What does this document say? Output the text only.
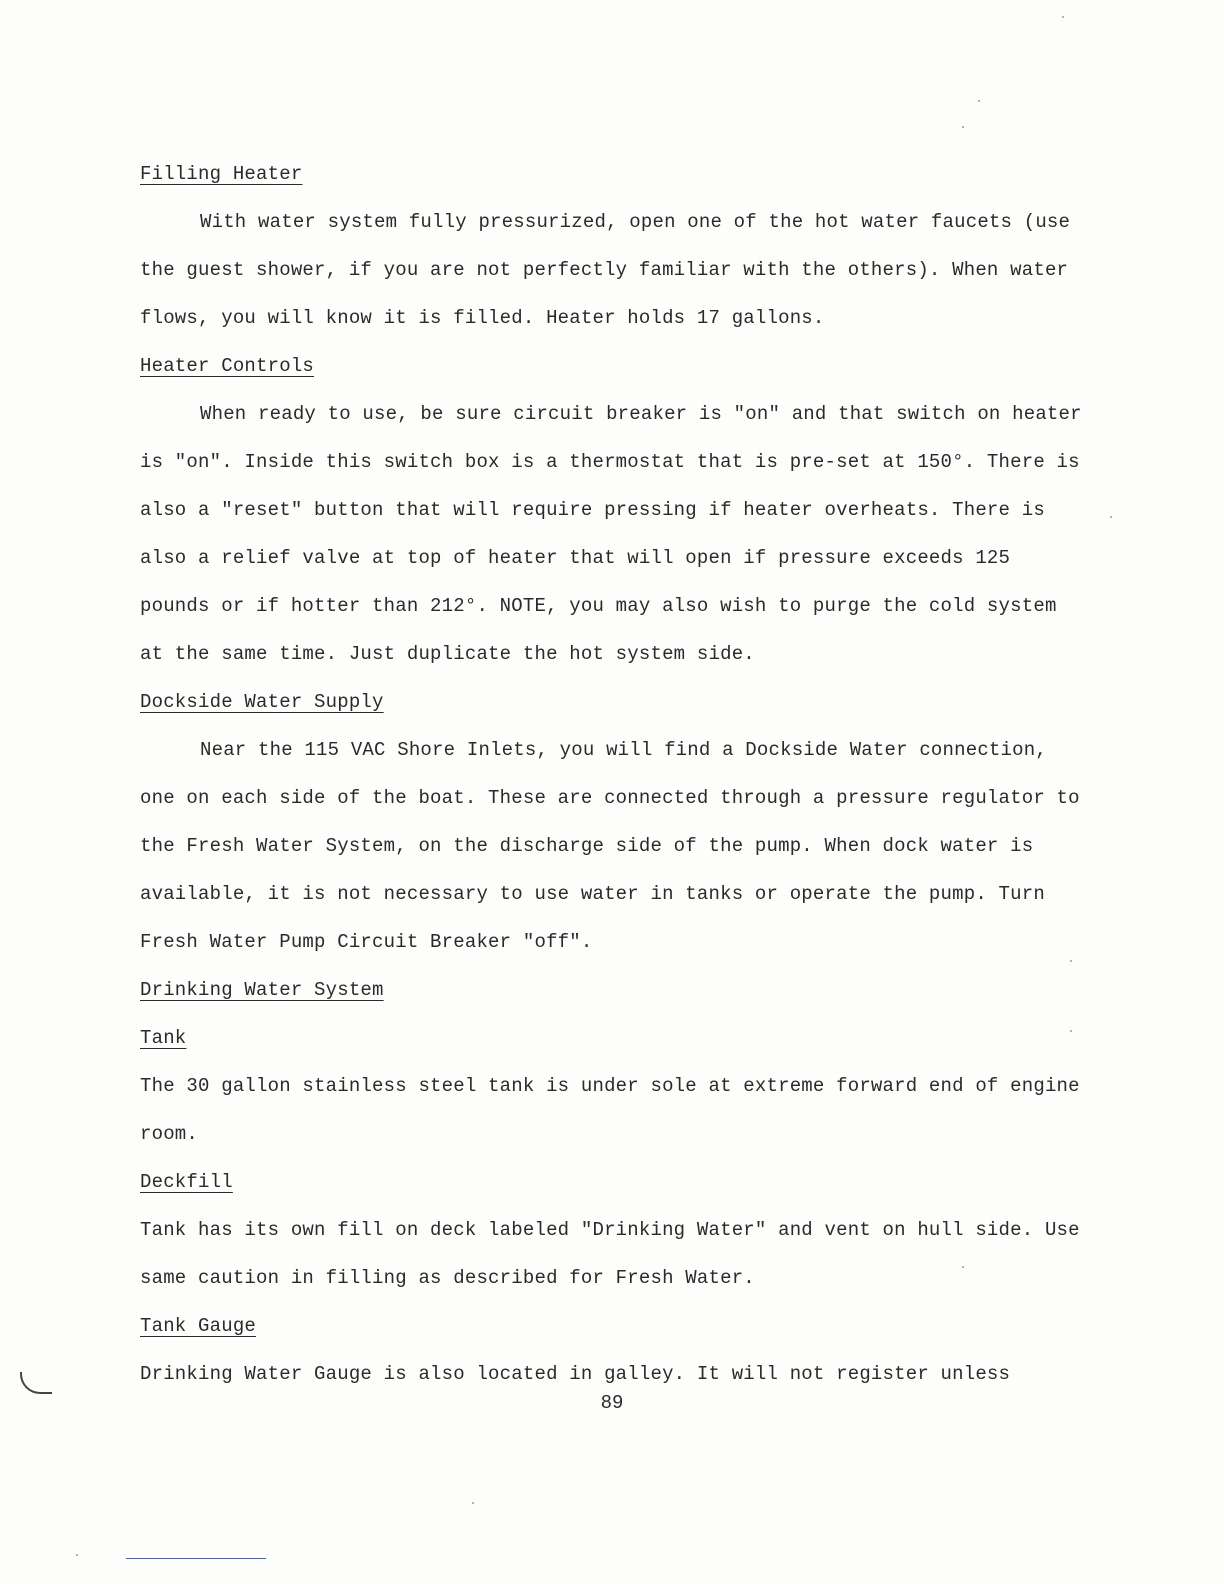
Filling Heater

With water system fully pressurized, open one of the hot water faucets (use the guest shower, if you are not perfectly familiar with the others). When water flows, you will know it is filled. Heater holds 17 gallons.

Heater Controls

When ready to use, be sure circuit breaker is "on" and that switch on heater is "on". Inside this switch box is a thermostat that is pre-set at 150°. There is also a "reset" button that will require pressing if heater overheats. There is also a relief valve at top of heater that will open if pressure exceeds 125 pounds or if hotter than 212°. NOTE, you may also wish to purge the cold system at the same time. Just duplicate the hot system side.

Dockside Water Supply

Near the 115 VAC Shore Inlets, you will find a Dockside Water connection, one on each side of the boat. These are connected through a pressure regulator to the Fresh Water System, on the discharge side of the pump. When dock water is available, it is not necessary to use water in tanks or operate the pump. Turn Fresh Water Pump Circuit Breaker "off".

Drinking Water System
Tank

The 30 gallon stainless steel tank is under sole at extreme forward end of engine room.

Deckfill

Tank has its own fill on deck labeled "Drinking Water" and vent on hull side. Use same caution in filling as described for Fresh Water.

Tank Gauge

Drinking Water Gauge is also located in galley. It will not register unless

89
